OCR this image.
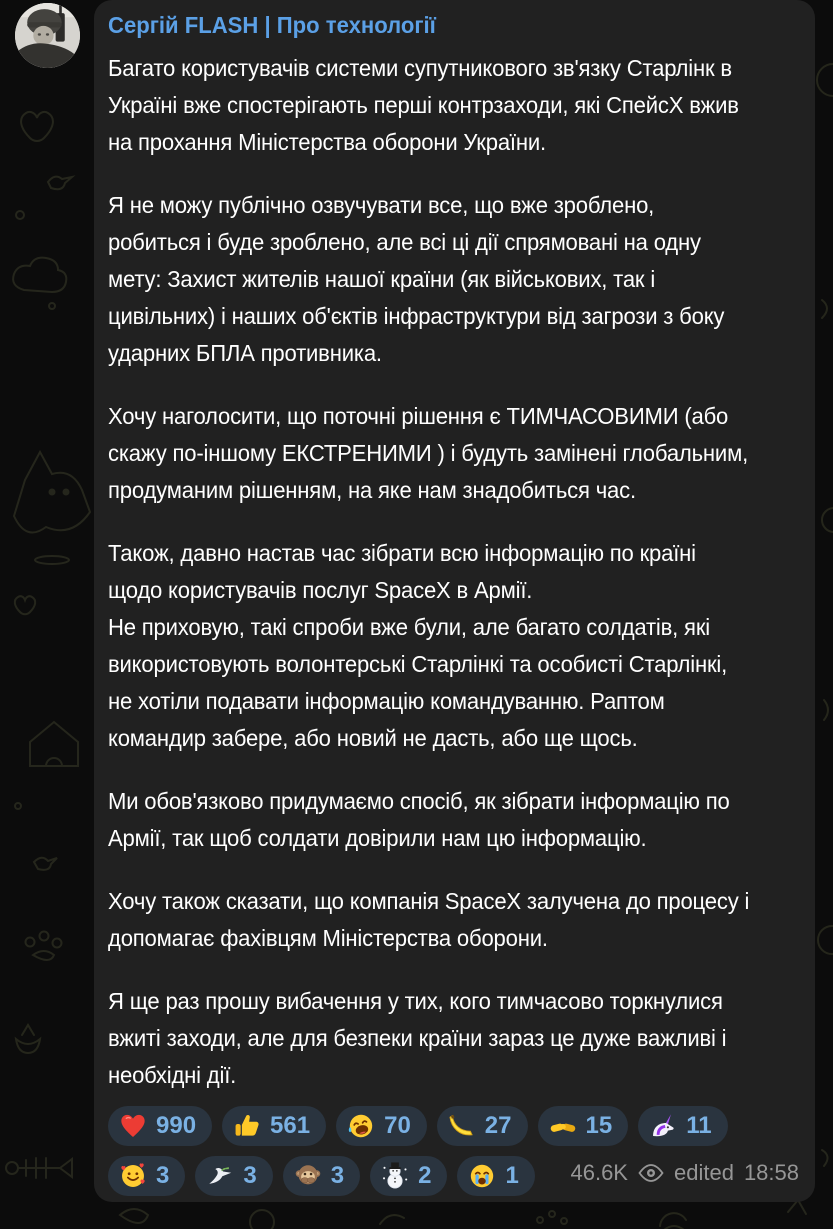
Сергій FLASH | Про технології
Багато користувачів системи супутникового зв'язку Старлінк в
Україні вже спостерігають перші контрзаходи, які СпейсХ вжив
на прохання Міністерства оборони України.
Я не можу публічно озвучувати все, що вже зроблено,
робиться і буде зроблено, але всі ці дії спрямовані на одну
мету: Захист жителів нашої країни (як військових, так і
цивільних) і наших об'єктів інфраструктури від загрози з боку
ударних БПЛА противника.
Хочу наголосити, що поточні рішення є ТИМЧАСОВИМИ (або
скажу по-іншому ЕКСТРЕНИМИ ) і будуть замінені глобальним,
продуманим рішенням, на яке нам знадобиться час.
Також, давно настав час зібрати всю інформацію по країні
щодо користувачів послуг SpaceX в Армії.
Не приховую, такі спроби вже були, але багато солдатів, які
використовують волонтерські Старлінкі та особисті Старлінкі,
не хотіли подавати інформацію командуванню. Раптом
командир забере, або новий не дасть, або ще щось.
Ми обов'язково придумаємо спосіб, як зібрати інформацію по
Армії, так щоб солдати довірили нам цю інформацію.
Хочу також сказати, що компанія SpaceX залучена до процесу і
допомагає фахівцям Міністерства оборони.
Я ще раз прошу вибачення у тих, кого тимчасово торкнулися
вжиті заходи, але для безпеки країни зараз це дуже важливі і
необхідні дії.
990	561	70	27	15	11
3	3	3	2	1 46.6K edited 18:58
